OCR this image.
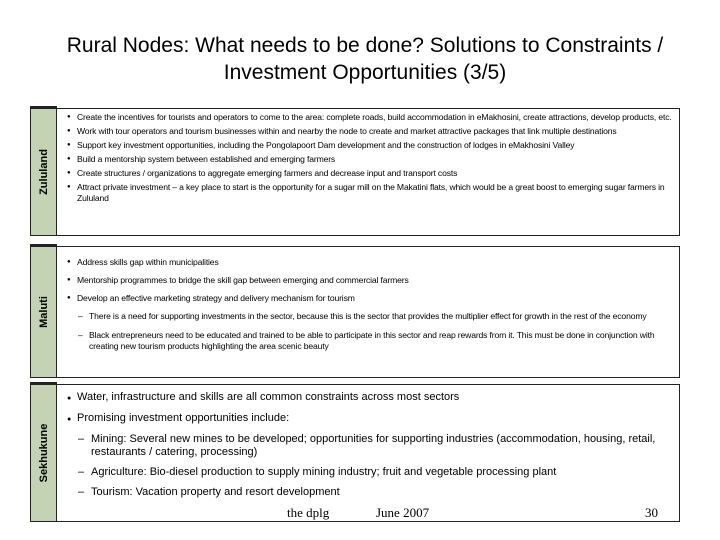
Rural Nodes: What needs to be done? Solutions to Constraints / Investment Opportunities (3/5)
Zululand
● Create the incentives for tourists and operators to come to the area: complete roads, build accommodation in eMakhosini, create attractions, develop products, etc.
● Work with tour operators and tourism businesses within and nearby the node to create and market attractive packages that link multiple destinations
● Support key investment opportunities, including the Pongolapoort Dam development and the construction of lodges in eMakhosini Valley
● Build a mentorship system between established and emerging farmers
● Create structures / organizations to aggregate emerging farmers and decrease input and transport costs
● Attract private investment – a key place to start is the opportunity for a sugar mill on the Makatini flats, which would be a great boost to emerging sugar farmers in Zululand
Maluti
● Address skills gap within municipalities
● Mentorship programmes to bridge the skill gap between emerging and commercial farmers
● Develop an effective marketing strategy and delivery mechanism for tourism
– There is a need for supporting investments in the sector, because this is the sector that provides the multiplier effect for growth in the rest of the economy
– Black entrepreneurs need to be educated and trained to be able to participate in this sector and reap rewards from it. This must be done in conjunction with creating new tourism products highlighting the area scenic beauty
Sekhukune
● Water, infrastructure and skills are all common constraints across most sectors
● Promising investment opportunities include:
– Mining: Several new mines to be developed; opportunities for supporting industries (accommodation, housing, retail, restaurants / catering, processing)
– Agriculture: Bio-diesel production to supply mining industry; fruit and vegetable processing plant
– Tourism: Vacation property and resort development
the dplg	June 2007	30
